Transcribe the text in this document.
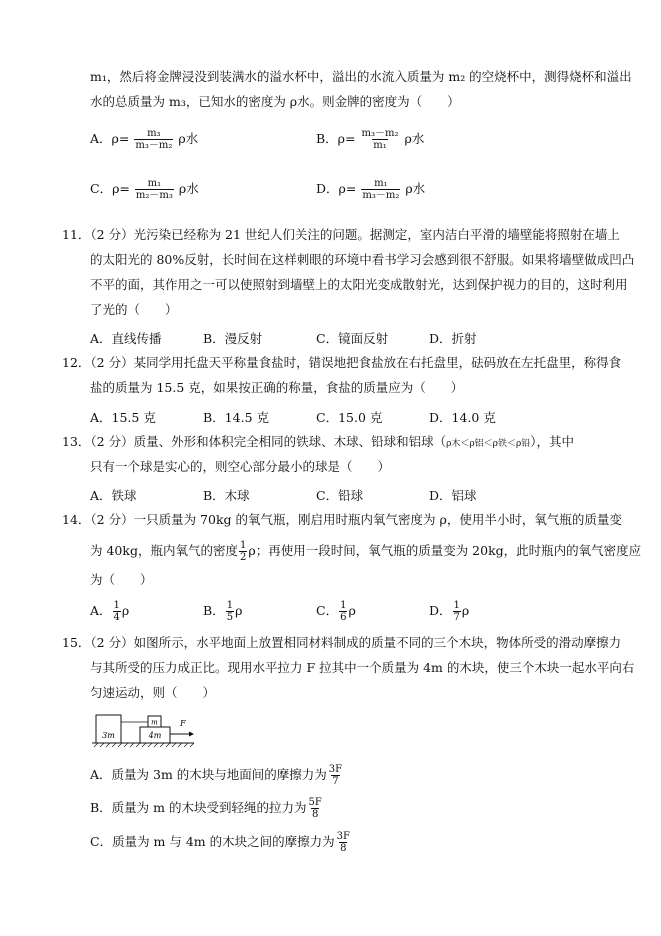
m₁，然后将金牌浸没到装满水的溢水杯中，溢出的水流入质量为 m₂ 的空烧杯中，测得烧杯和溢出
水的总质量为 m₃，已知水的密度为 ρ水。则金牌的密度为（　　）
A．$\rho= \frac{\text{m₃}}{\text{m₃－m₂}}$ ρ水	B．$\rho= \frac{\text{m₃－m₂}}{\text{m₁}}$ ρ水
C．$\rho= \frac{\text{m₁}}{\text{m₂－m₃}}$ ρ水	D．$\rho= \frac{\text{m₁}}{\text{m₃－m₂}}$ ρ水
11．（2 分）光污染已经称为 21 世纪人们关注的问题。据测定，室内洁白平滑的墙壁能将照射在墙上
的太阳光的 80%反射，长时间在这样刺眼的环境中看书学习会感到很不舒服。如果将墙壁做成凹凸
不平的面，其作用之一可以使照射到墙壁上的太阳光变成散射光，达到保护视力的目的，这时利用
了光的（　　）
A．直线传播	B．漫反射	C．镜面反射	D．折射
12．（2 分）某同学用托盘天平称量食盐时，错误地把食盐放在右托盘里，砝码放在左托盘里，称得食
盐的质量为 15.5 克，如果按正确的称量，食盐的质量应为（　　）
A．15.5 克	B．14.5 克	C．15.0 克	D．14.0 克
13．（2 分）质量、外形和体积完全相同的铁球、木球、铅球和铝球（ρ木＜ρ铝＜ρ铁＜ρ铅），其中
只有一个球是实心的，则空心部分最小的球是（　　）
A．铁球	B．木球	C．铅球	D．铝球
14．（2 分）一只质量为 70kg 的氧气瓶，刚启用时瓶内氧气密度为 ρ，使用半小时，氧气瓶的质量变
为 40kg，瓶内氧气的密度 $\frac{1}{2}$ ρ；再使用一段时间，氧气瓶的质量变为 20kg，此时瓶内的氧气密度应
为（　　）
A． $\frac{1}{4}$ ρ	B． $\frac{1}{5}$ ρ	C． $\frac{1}{6}$ ρ	D． $\frac{1}{7}$ ρ
15．（2 分）如图所示，水平地面上放置相同材料制成的质量不同的三个木块，物体所受的滑动摩擦力
与其所受的压力成正比。现用水平拉力 F 拉其中一个质量为 4m 的木块，使三个木块一起水平向右
匀速运动，则（　　）
3m
m
4m
F
A．质量为 3m 的木块与地面间的摩擦力为 $\frac{3F}{7}$
B．质量为 m 的木块受到轻绳的拉力为 $\frac{5F}{8}$
C．质量为 m 与 4m 的木块之间的摩擦力为 $\frac{3F}{8}$
